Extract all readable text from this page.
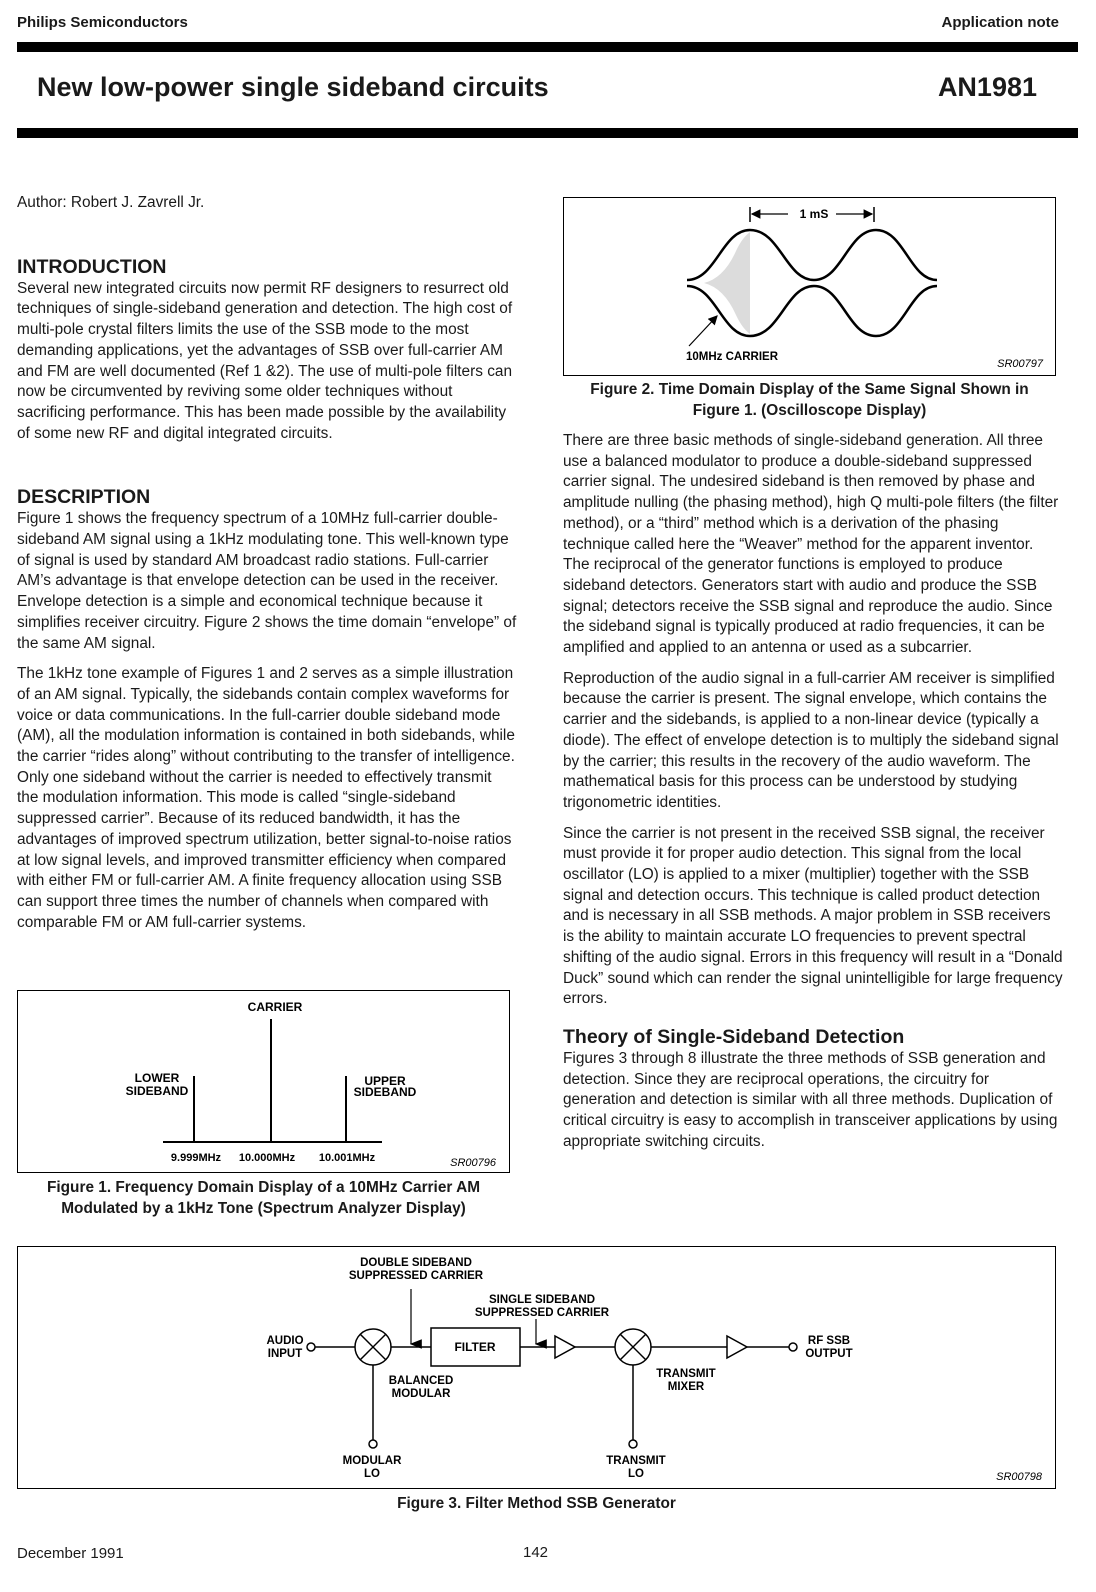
Philips Semiconductors	Application note
New low-power single sideband circuits	AN1981
Author: Robert J. Zavrell Jr.
INTRODUCTION

Several new integrated circuits now permit RF designers to resurrect old techniques of single-sideband generation and detection. The high cost of multi-pole crystal filters limits the use of the SSB mode to the most demanding applications, yet the advantages of SSB over full-carrier AM and FM are well documented (Ref 1 &2). The use of multi-pole filters can now be circumvented by reviving some older techniques without sacrificing performance. This has been made possible by the availability of some new RF and digital integrated circuits.

DESCRIPTION

Figure 1 shows the frequency spectrum of a 10MHz full-carrier double-sideband AM signal using a 1kHz modulating tone. This well-known type of signal is used by standard AM broadcast radio stations. Full-carrier AM’s advantage is that envelope detection can be used in the receiver. Envelope detection is a simple and economical technique because it simplifies receiver circuitry. Figure 2 shows the time domain “envelope” of the same AM signal.

The 1kHz tone example of Figures 1 and 2 serves as a simple illustration of an AM signal. Typically, the sidebands contain complex waveforms for voice or data communications. In the full-carrier double sideband mode (AM), all the modulation information is contained in both sidebands, while the carrier “rides along” without contributing to the transfer of intelligence. Only one sideband without the carrier is needed to effectively transmit the modulation information. This mode is called “single-sideband suppressed carrier”. Because of its reduced bandwidth, it has the advantages of improved spectrum utilization, better signal-to-noise ratios at low signal levels, and improved transmitter efficiency when compared with either FM or full-carrier AM. A finite frequency allocation using SSB can support three times the number of channels when compared with comparable FM or AM full-carrier systems.

CARRIER
LOWER
SIDEBAND
UPPER
SIDEBAND
9.999MHz 10.000MHz 10.001MHz	SR00796
Figure 1. Frequency Domain Display of a 10MHz Carrier AM
Modulated by a 1kHz Tone (Spectrum Analyzer Display)
1 mS
10MHz CARRIER
SR00797
Figure 2. Time Domain Display of the Same Signal Shown in
Figure 1. (Oscilloscope Display)

There are three basic methods of single-sideband generation. All three use a balanced modulator to produce a double-sideband suppressed carrier signal. The undesired sideband is then removed by phase and amplitude nulling (the phasing method), high Q multi-pole filters (the filter method), or a “third” method which is a derivation of the phasing technique called here the “Weaver” method for the apparent inventor. The reciprocal of the generator functions is employed to produce sideband detectors. Generators start with audio and produce the SSB signal; detectors receive the SSB signal and reproduce the audio. Since the sideband signal is typically produced at radio frequencies, it can be amplified and applied to an antenna or used as a subcarrier.

Reproduction of the audio signal in a full-carrier AM receiver is simplified because the carrier is present. The signal envelope, which contains the carrier and the sidebands, is applied to a non-linear device (typically a diode). The effect of envelope detection is to multiply the sideband signal by the carrier; this results in the recovery of the audio waveform. The mathematical basis for this process can be understood by studying trigonometric identities.

Since the carrier is not present in the received SSB signal, the receiver must provide it for proper audio detection. This signal from the local oscillator (LO) is applied to a mixer (multiplier) together with the SSB signal and detection occurs. This technique is called product detection and is necessary in all SSB methods. A major problem in SSB receivers is the ability to maintain accurate LO frequencies to prevent spectral shifting of the audio signal. Errors in this frequency will result in a “Donald Duck” sound which can render the signal unintelligible for large frequency errors.

Theory of Single-Sideband Detection

Figures 3 through 8 illustrate the three methods of SSB generation and detection. Since they are reciprocal operations, the circuitry for generation and detection is similar with all three methods. Duplication of critical circuitry is easy to accomplish in transceiver applications by using appropriate switching circuits.

FILTER
DOUBLE SIDEBAND
SUPPRESSED CARRIER
SINGLE SIDEBAND
SUPPRESSED CARRIER
AUDIO
INPUT
BALANCED
MODULAR
TRANSMIT
MIXER
RF SSB
OUTPUT
MODULAR
LO
TRANSMIT
LO	SR00798
Figure 3. Filter Method SSB Generator
December 1991	142
